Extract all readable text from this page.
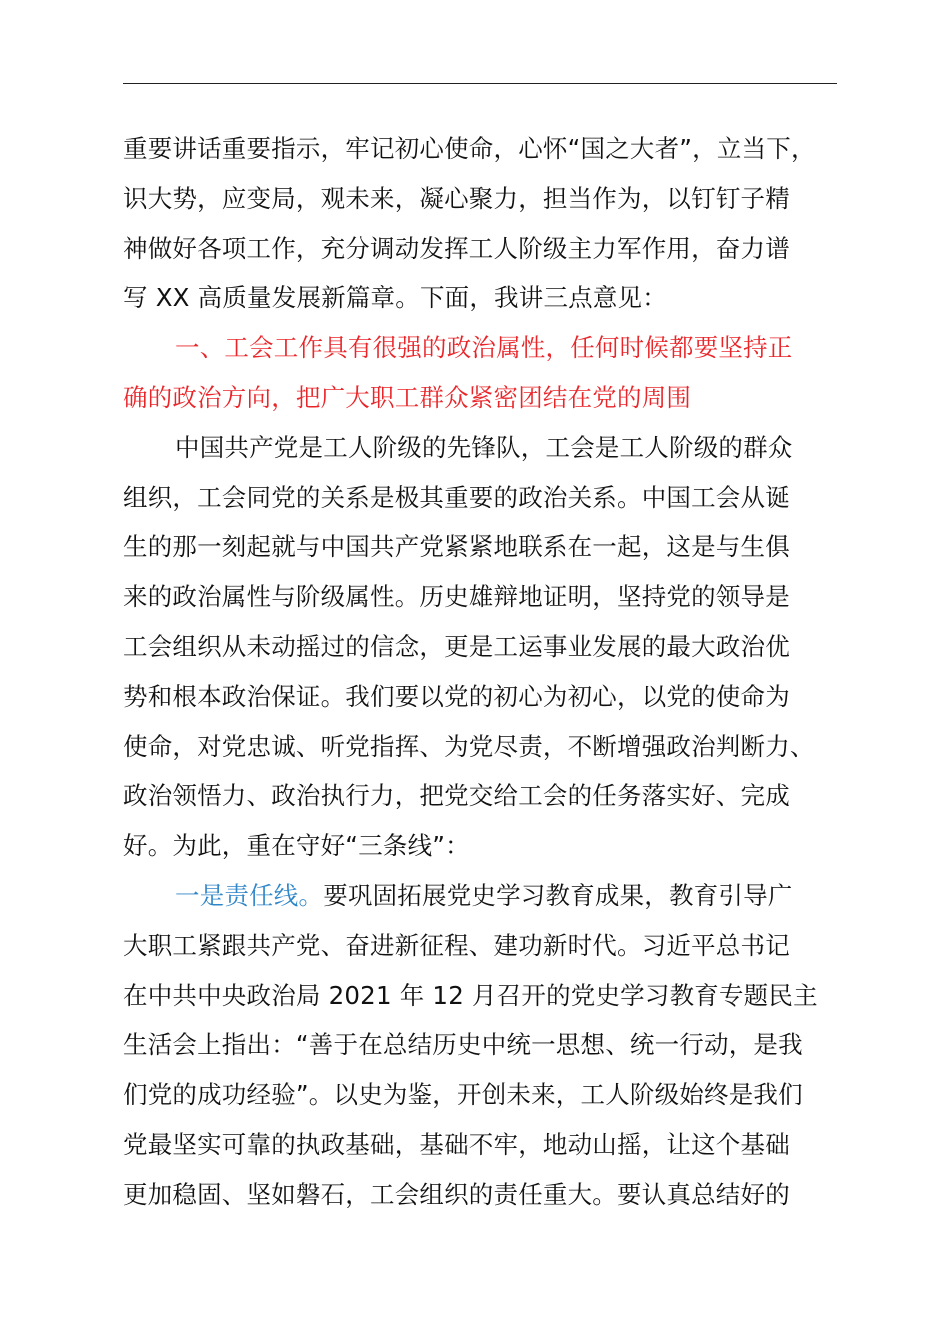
重要讲话重要指示，牢记初心使命，心怀“国之大者”，立当下，
识大势，应变局，观未来，凝心聚力，担当作为，以钉钉子精
神做好各项工作，充分调动发挥工人阶级主力军作用，奋力谱
写 XX 高质量发展新篇章。下面，我讲三点意见：
一、工会工作具有很强的政治属性，任何时候都要坚持正
确的政治方向，把广大职工群众紧密团结在党的周围
中国共产党是工人阶级的先锋队，工会是工人阶级的群众
组织，工会同党的关系是极其重要的政治关系。中国工会从诞
生的那一刻起就与中国共产党紧紧地联系在一起，这是与生俱
来的政治属性与阶级属性。历史雄辩地证明，坚持党的领导是
工会组织从未动摇过的信念，更是工运事业发展的最大政治优
势和根本政治保证。我们要以党的初心为初心，以党的使命为
使命，对党忠诚、听党指挥、为党尽责，不断增强政治判断力、
政治领悟力、政治执行力，把党交给工会的任务落实好、完成
好。为此，重在守好“三条线”：
一是责任线。要巩固拓展党史学习教育成果，教育引导广
大职工紧跟共产党、奋进新征程、建功新时代。习近平总书记
在中共中央政治局 2021 年 12 月召开的党史学习教育专题民主
生活会上指出：“善于在总结历史中统一思想、统一行动，是我
们党的成功经验”。以史为鉴，开创未来，工人阶级始终是我们
党最坚实可靠的执政基础，基础不牢，地动山摇，让这个基础
更加稳固、坚如磐石，工会组织的责任重大。要认真总结好的
